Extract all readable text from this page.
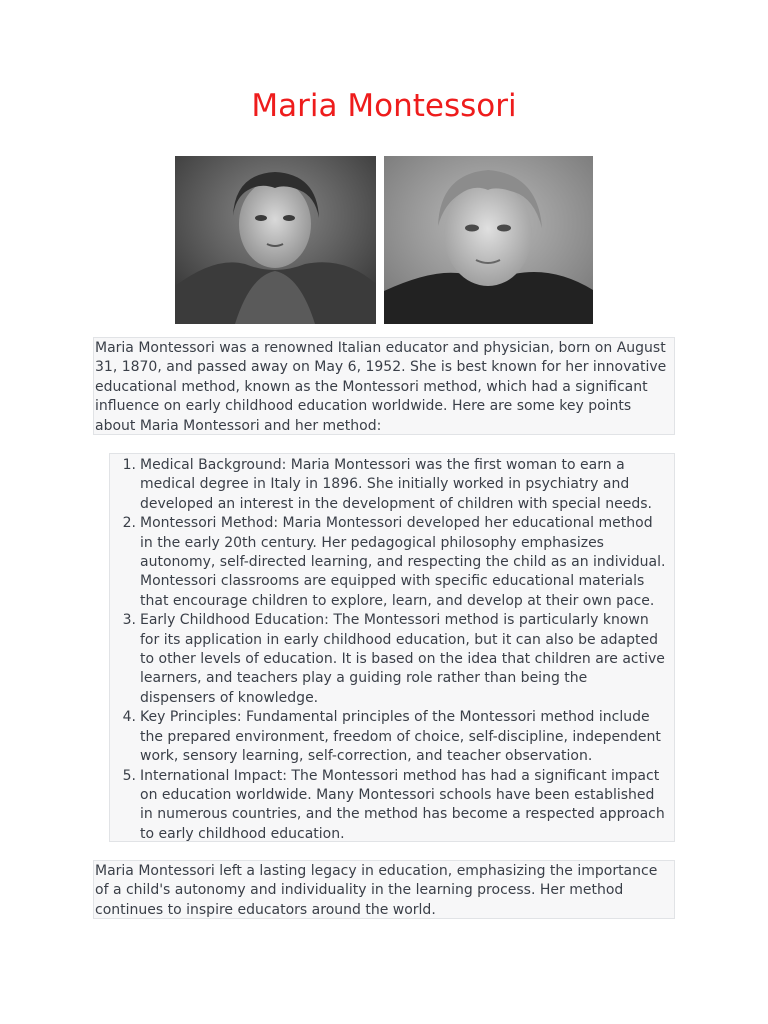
Maria Montessori

Maria Montessori was a renowned Italian educator and physician, born on August 31, 1870, and passed away on May 6, 1952. She is best known for her innovative educational method, known as the Montessori method, which had a significant influence on early childhood education worldwide. Here are some key points about Maria Montessori and her method:

1. Medical Background: Maria Montessori was the first woman to earn a medical degree in Italy in 1896. She initially worked in psychiatry and developed an interest in the development of children with special needs.
2. Montessori Method: Maria Montessori developed her educational method in the early 20th century. Her pedagogical philosophy emphasizes autonomy, self-directed learning, and respecting the child as an individual. Montessori classrooms are equipped with specific educational materials that encourage children to explore, learn, and develop at their own pace.
3. Early Childhood Education: The Montessori method is particularly known for its application in early childhood education, but it can also be adapted to other levels of education. It is based on the idea that children are active learners, and teachers play a guiding role rather than being the dispensers of knowledge.
4. Key Principles: Fundamental principles of the Montessori method include the prepared environment, freedom of choice, self-discipline, independent work, sensory learning, self-correction, and teacher observation.
5. International Impact: The Montessori method has had a significant impact on education worldwide. Many Montessori schools have been established in numerous countries, and the method has become a respected approach to early childhood education.

Maria Montessori left a lasting legacy in education, emphasizing the importance of a child's autonomy and individuality in the learning process. Her method continues to inspire educators around the world.
